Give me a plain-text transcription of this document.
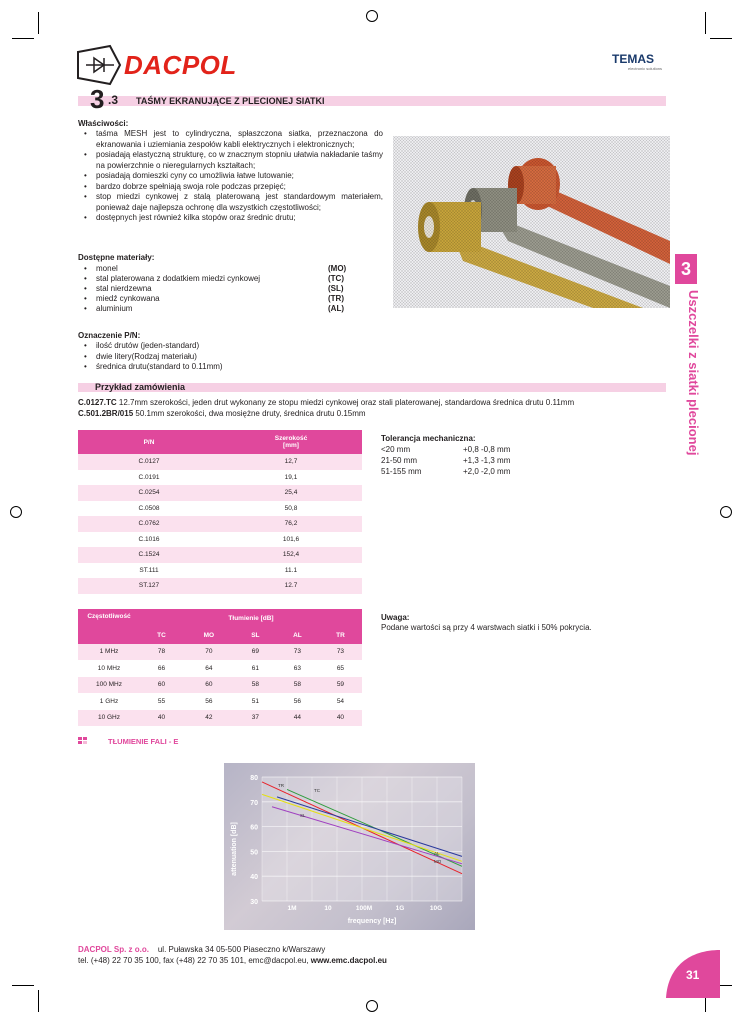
DACPOL	TEMAS
electronic solutions
3 .3 TAŚMY EKRANUJĄCE Z PLECIONEJ SIATKI
Właściwości:
• taśma MESH jest to cylindryczna, spłaszczona siatka, przeznaczona do ekranowania i uziemiania zespołów kabli elektrycznych i elektronicznych;
• posiadają elastyczną strukturę, co w znacznym stopniu ułatwia nakładanie taśmy na powierzchnie o nieregularnych kształtach;
• posiadają domieszki cyny co umożliwia łatwe lutowanie;
• bardzo dobrze spełniają swoja role podczas przepięć;
• stop miedzi cynkowej z stalą platerowaną jest standardowym materiałem, ponieważ daje najlepsza ochronę dla wszystkich częstotliwości;
• dostępnych jest również kilka stopów oraz średnic drutu;
3
Uszczelki z siatki plecionej
Dostępne materiały:
• monel	(MO)
• stal platerowana z dodatkiem miedzi cynkowej	(TC)
• stal nierdzewna	(SL)
• miedź cynkowana	(TR)
• aluminium	(AL)
Oznaczenie P/N:
• ilość drutów (jeden-standard)
• dwie litery(Rodzaj materiału)
• średnica drutu(standard to 0.11mm)
Przykład zamówienia
C.0127.TC 12.7mm szerokości, jeden drut wykonany ze stopu miedzi cynkowej oraz stali platerowanej, standardowa średnica drutu 0.11mm
C.501.2BR/015 50.1mm szerokości, dwa mosiężne druty, średnica drutu 0.15mm
P/N	Szerokość
[mm]
C.0127	12,7
C.0191	19,1
C.0254	25,4
C.0508	50,8
C.0762	76,2
C.1016	101,6
C.1524	152,4
ST.111	11.1
ST.127	12.7
Tolerancja mechaniczna:
<20 mm	+0,8 -0,8 mm
21-50 mm	+1,3 -1,3 mm
51-155 mm	+2,0 -2,0 mm
Częstotliwość	Tłumienie [dB]				
	TC	MO	SL	AL	TR
1 MHz	78	70	69	73	73
10 MHz	66	64	61	63	65
100 MHz	60	60	58	58	59
1 GHz	55	56	51	56	54
10 GHz	40	42	37	44	40
Uwaga:
Podane wartości są przy 4 warstwach siatki i 50% pokrycia.
TŁUMIENIE FALI - E
80
70
60
50
40
30
1M	10	100M	1G	10G
frequency [Hz]
attenuation [dB]
TR
TC
SL
AL
MO
DACPOL Sp. z o.o. ul. Puławska 34 05-500 Piaseczno k/Warszawy
tel. (+48) 22 70 35 100, fax (+48) 22 70 35 101, emc@dacpol.eu, www.emc.dacpol.eu
31
